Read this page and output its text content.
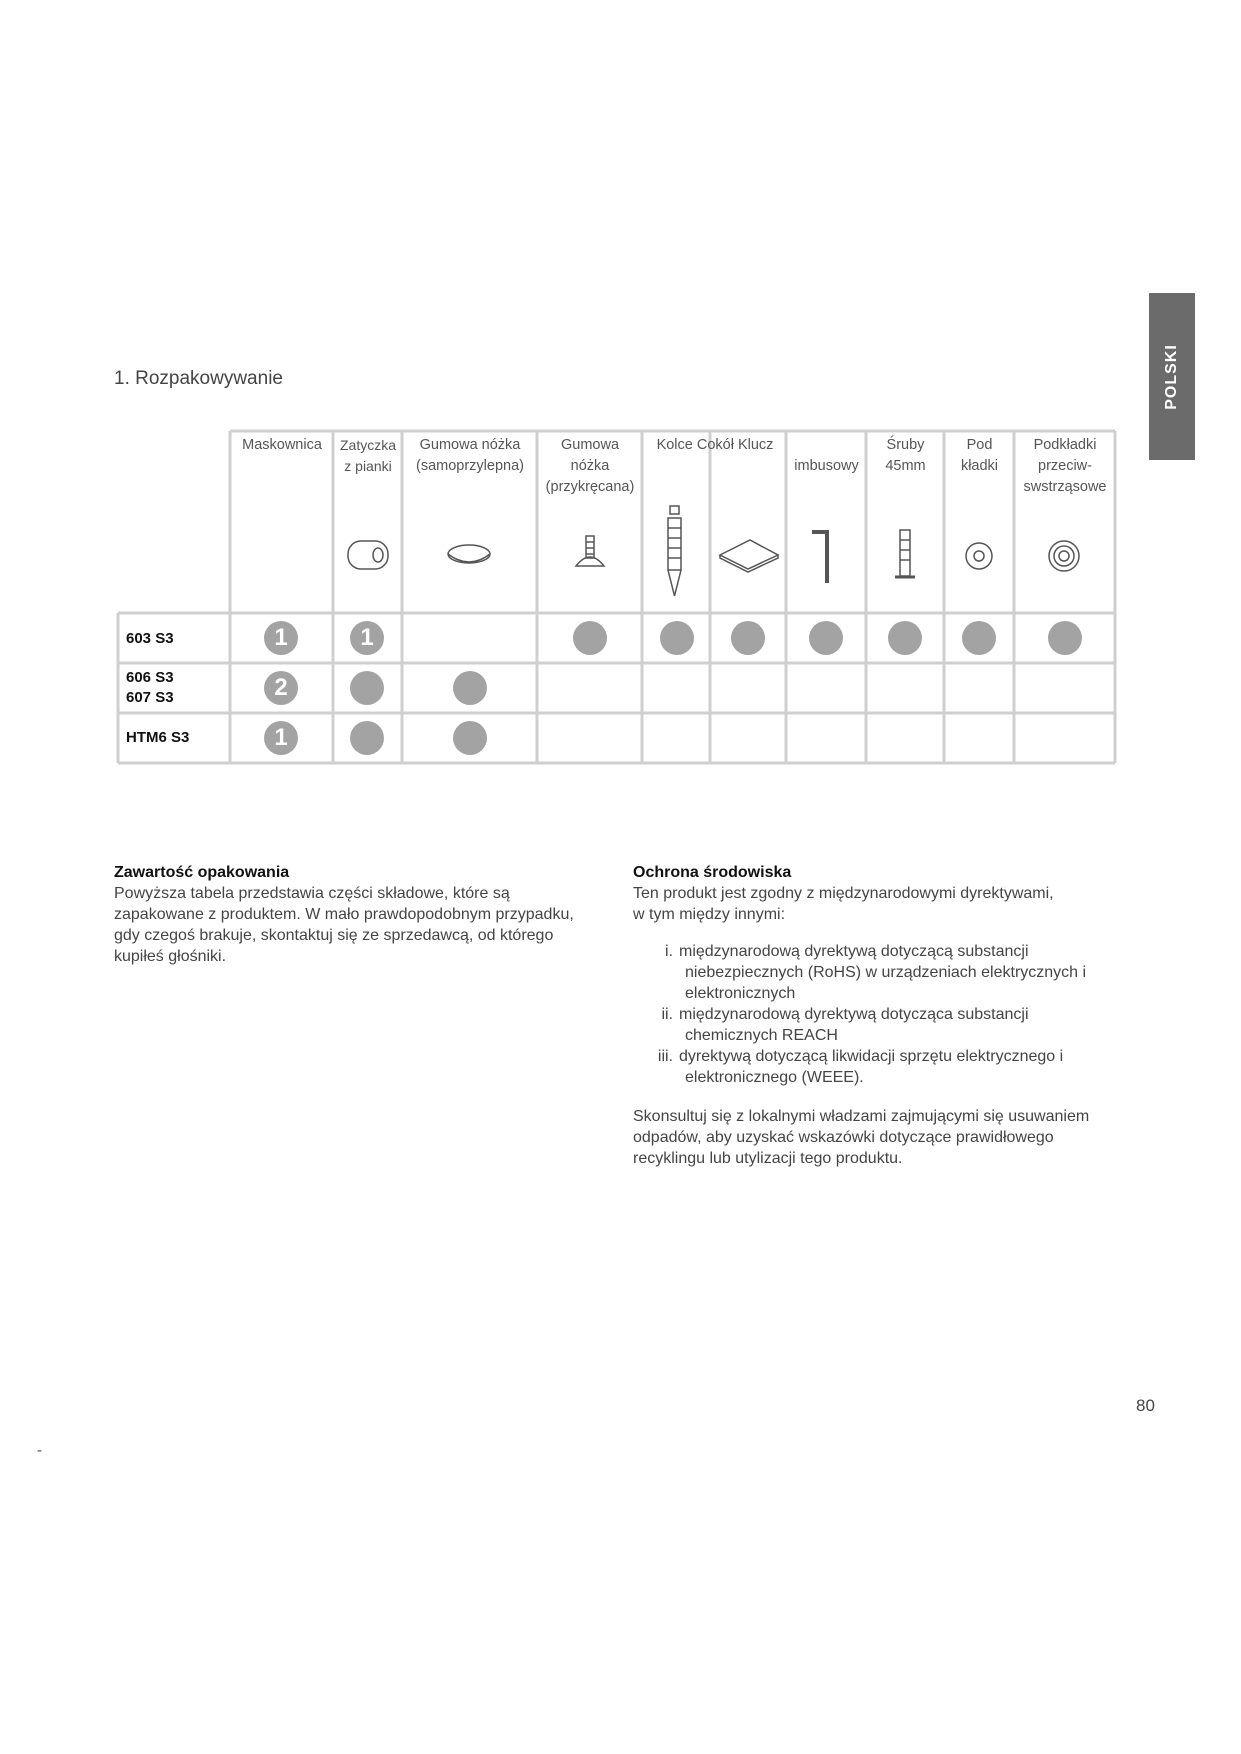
POLSKI
1. Rozpakowywanie
Maskownica	Zatyczka
z pianki
Gumowa nóżka
(samoprzylepna)
Gumowa
nóżka
(przykręcana)
Kolce Cokół Klucz
imbusowy
Śruby
45mm
Pod
kładki
Podkładki
przeciw-
swstrząsowe
603 S3
606 S3
607 S3
HTM6 S3
1	1
2
1
Zawartość opakowania

Powyższa tabela przedstawia części składowe, które są

zapakowane z produktem. W mało prawdopodobnym przypadku,

gdy czegoś brakuje, skontaktuj się ze sprzedawcą, od którego

kupiłeś głośniki.

Ochrona środowiska

Ten produkt jest zgodny z międzynarodowymi dyrektywami,

w tym między innymi:

i. międzynarodową dyrektywą dotyczącą substancji
niebezpiecznych (RoHS) w urządzeniach elektrycznych i
elektronicznych
ii. międzynarodową dyrektywą dotycząca substancji
chemicznych REACH
iii. dyrektywą dotyczącą likwidacji sprzętu elektrycznego i
elektronicznego (WEEE).

Skonsultuj się z lokalnymi władzami zajmującymi się usuwaniem

odpadów, aby uzyskać wskazówki dotyczące prawidłowego

recyklingu lub utylizacji tego produktu.

80
-
